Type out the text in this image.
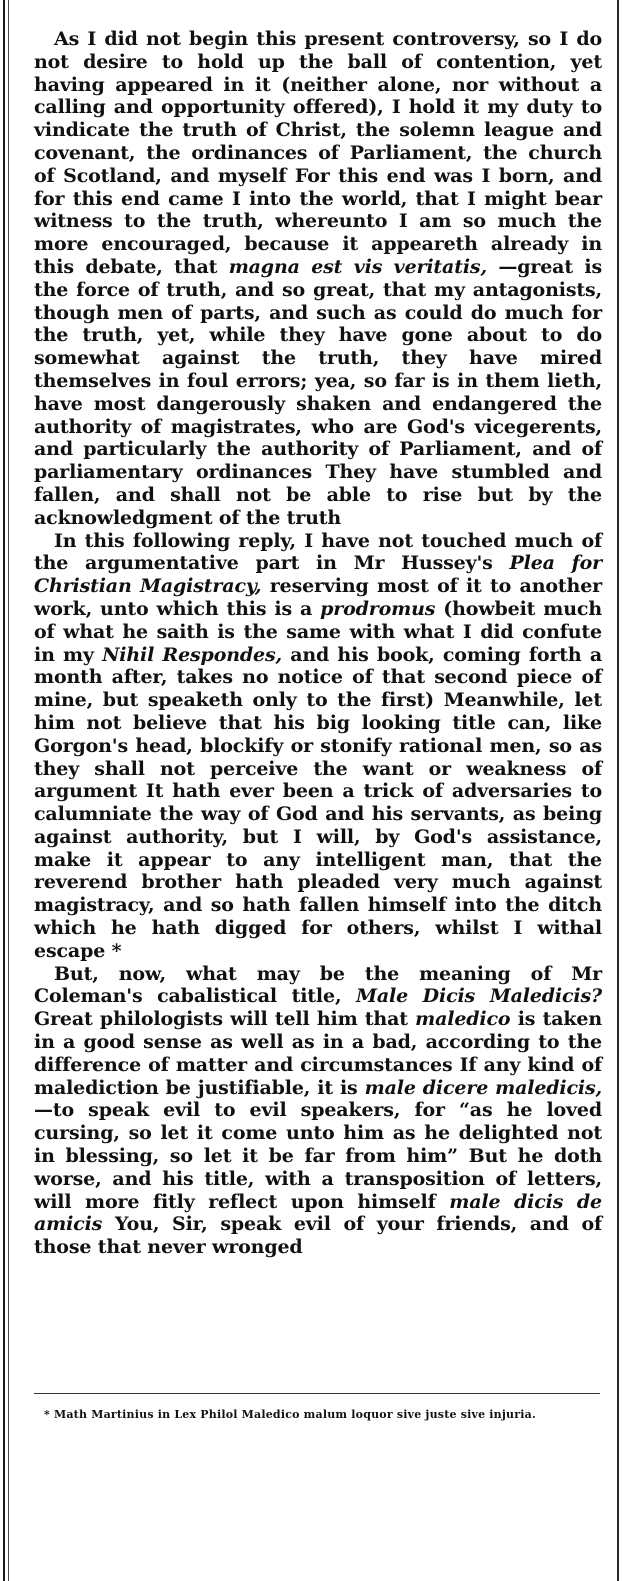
As I did not begin this present controversy, so I do not desire to hold up the ball of contention, yet having appeared in it (neither alone, nor without a calling and opportunity offered), I hold it my duty to vindicate the truth of Christ, the solemn league and covenant, the ordinances of Parliament, the church of Scotland, and myself For this end was I born, and for this end came I into the world, that I might bear witness to the truth, whereunto I am so much the more encouraged, because it appeareth already in this debate, that magna est vis veritatis, —great is the force of truth, and so great, that my antagonists, though men of parts, and such as could do much for the truth, yet, while they have gone about to do somewhat against the truth, they have mired themselves in foul errors; yea, so far is in them lieth, have most dangerously shaken and endangered the authority of magistrates, who are God's vicegerents, and particularly the authority of Parliament, and of parliamentary ordinances They have stumbled and fallen, and shall not be able to rise but by the acknowledgment of the truth

In this following reply, I have not touched much of the argumentative part in Mr Hussey's Plea for Christian Magistracy, reserving most of it to another work, unto which this is a prodromus (howbeit much of what he saith is the same with what I did confute in my Nihil Respondes, and his book, coming forth a month after, takes no notice of that second piece of mine, but speaketh only to the first) Meanwhile, let him not believe that his big looking title can, like Gorgon's head, blockify or stonify rational men, so as they shall not perceive the want or weakness of argument It hath ever been a trick of adversaries to calumniate the way of God and his servants, as being against authority, but I will, by God's assistance, make it appear to any intelligent man, that the reverend brother hath pleaded very much against magistracy, and so hath fallen himself into the ditch which he hath digged for others, whilst I withal escape *

But, now, what may be the meaning of Mr Coleman's cabalistical title, Male Dicis Maledicis? Great philologists will tell him that maledico is taken in a good sense as well as in a bad, according to the difference of matter and circumstances If any kind of malediction be justifiable, it is male dicere maledicis,—to speak evil to evil speakers, for “as he loved cursing, so let it come unto him as he delighted not in blessing, so let it be far from him” But he doth worse, and his title, with a transposition of letters, will more fitly reflect upon himself male dicis de amicis You, Sir, speak evil of your friends, and of those that never wronged

* Math Martinius in Lex Philol Maledico malum loquor sive juste sive injuria.
